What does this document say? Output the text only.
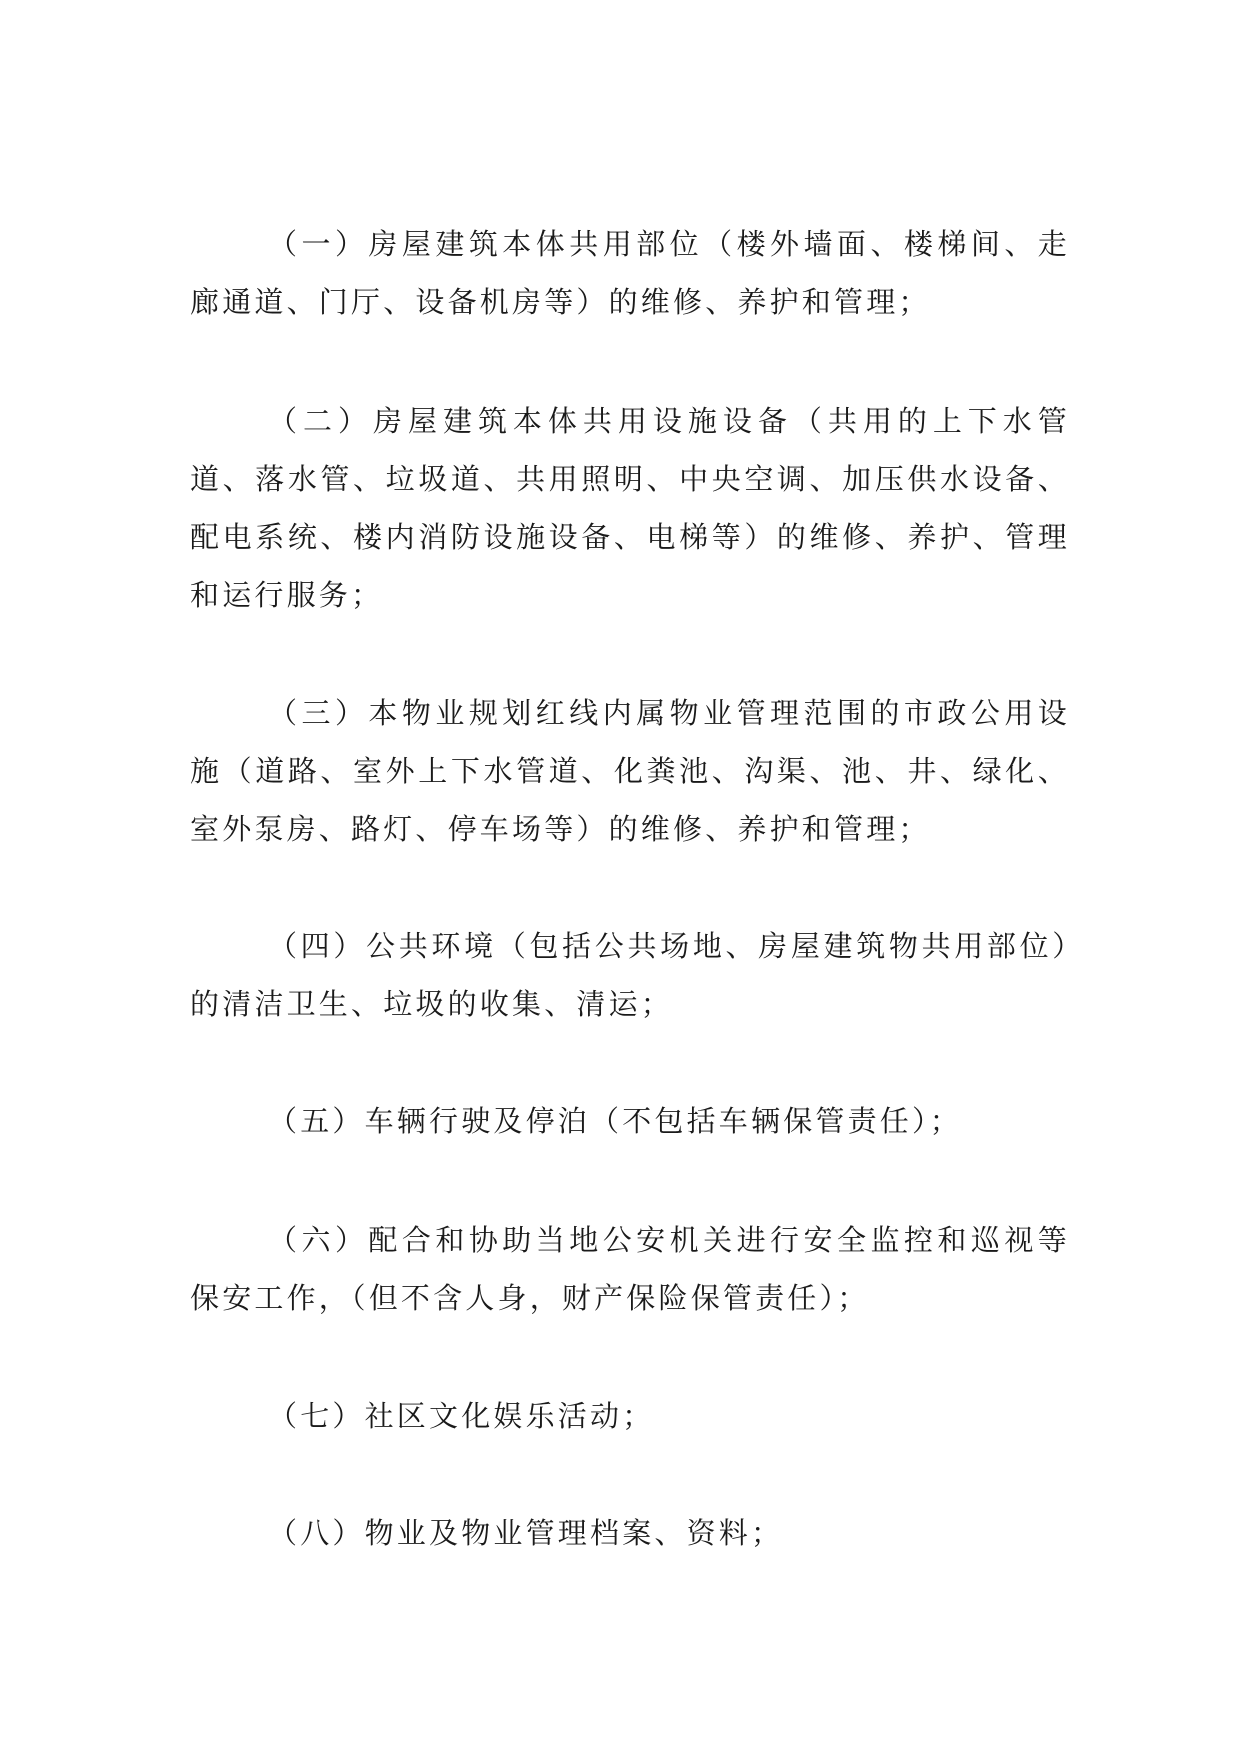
（一）房屋建筑本体共用部位（楼外墙面、楼梯间、走廊通道、门厅、设备机房等）的维修、养护和管理；

（二）房屋建筑本体共用设施设备（共用的上下水管道、落水管、垃圾道、共用照明、中央空调、加压供水设备、配电系统、楼内消防设施设备、电梯等）的维修、养护、管理和运行服务；

（三）本物业规划红线内属物业管理范围的市政公用设施（道路、室外上下水管道、化粪池、沟渠、池、井、绿化、室外泵房、路灯、停车场等）的维修、养护和管理；

（四）公共环境（包括公共场地、房屋建筑物共用部位）的清洁卫生、垃圾的收集、清运；

（五）车辆行驶及停泊（不包括车辆保管责任）；

（六）配合和协助当地公安机关进行安全监控和巡视等保安工作，（但不含人身，财产保险保管责任）；

（七）社区文化娱乐活动；

（八）物业及物业管理档案、资料；
